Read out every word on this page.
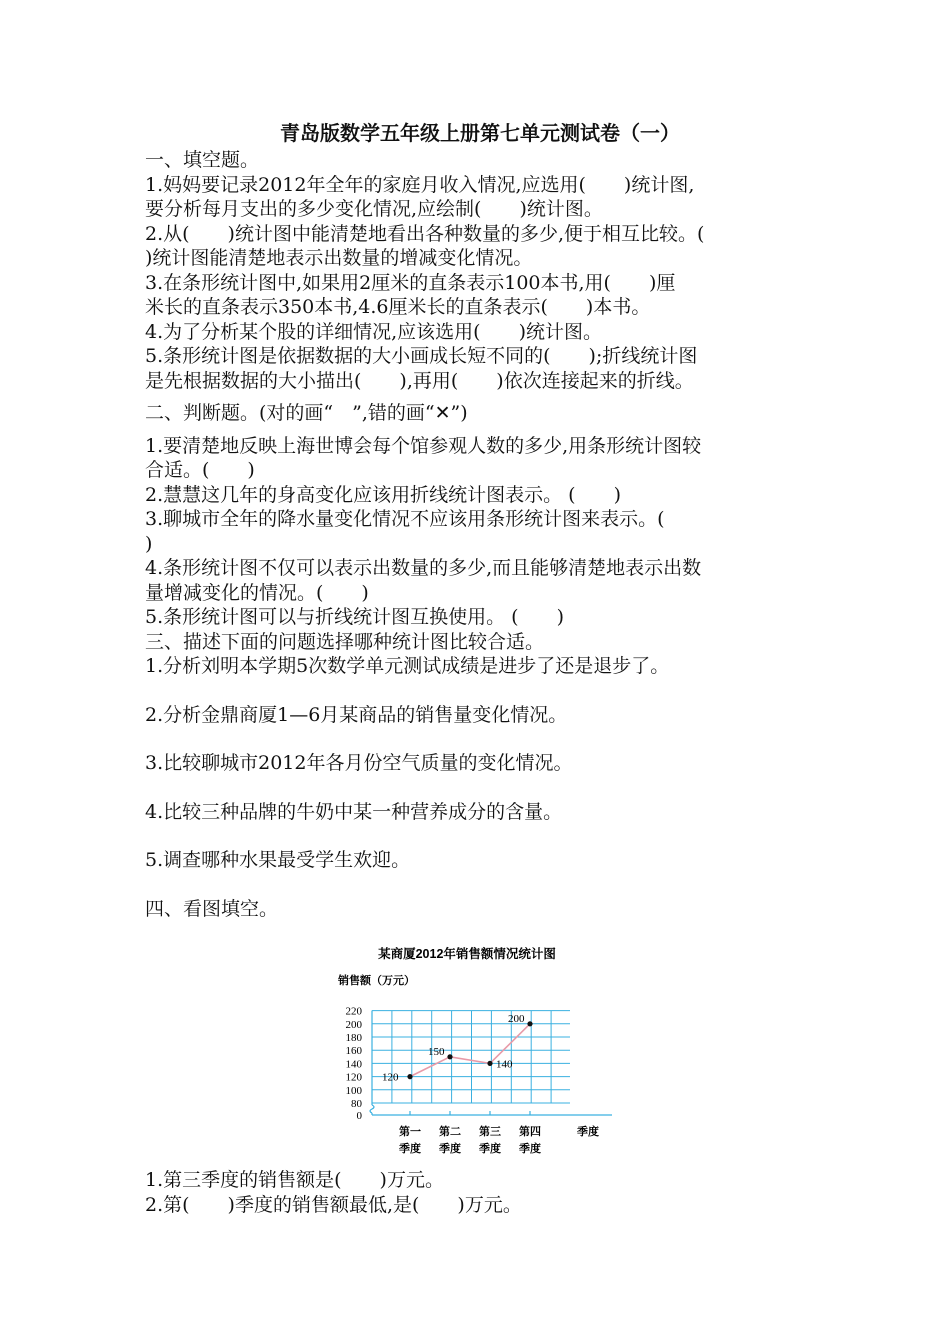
青岛版数学五年级上册第七单元测试卷（一）
一、填空题。
1.妈妈要记录2012年全年的家庭月收入情况,应选用(　　)统计图,
要分析每月支出的多少变化情况,应绘制(　　)统计图。
2.从(　　)统计图中能清楚地看出各种数量的多少,便于相互比较。(
)统计图能清楚地表示出数量的增减变化情况。
3.在条形统计图中,如果用2厘米的直条表示100本书,用(　　)厘
米长的直条表示350本书,4.6厘米长的直条表示(　　)本书。
4.为了分析某个股的详细情况,应该选用(　　)统计图。
5.条形统计图是依据数据的大小画成长短不同的(　　);折线统计图
是先根据数据的大小描出(　　),再用(　　)依次连接起来的折线。
二、判断题。(对的画“　”,错的画“✕”)
1.要清楚地反映上海世博会每个馆参观人数的多少,用条形统计图较
合适。(　　)
2.慧慧这几年的身高变化应该用折线统计图表示。 (　　)
3.聊城市全年的降水量变化情况不应该用条形统计图来表示。(
)
4.条形统计图不仅可以表示出数量的多少,而且能够清楚地表示出数
量增减变化的情况。(　　)
5.条形统计图可以与折线统计图互换使用。 (　　)
三、描述下面的问题选择哪种统计图比较合适。
1.分析刘明本学期5次数学单元测试成绩是进步了还是退步了。
2.分析金鼎商厦1—6月某商品的销售量变化情况。
3.比较聊城市2012年各月份空气质量的变化情况。
4.比较三种品牌的牛奶中某一种营养成分的含量。
5.调查哪种水果最受学生欢迎。
四、看图填空。
某商厦2012年销售额情况统计图
销售额（万元）
0
80
100
120
140
160
180
200
220
第一
季度
第二
季度
第三
季度
第四
季度
季度
120
150
140
200
1.第三季度的销售额是(　　)万元。
2.第(　　)季度的销售额最低,是(　　)万元。
